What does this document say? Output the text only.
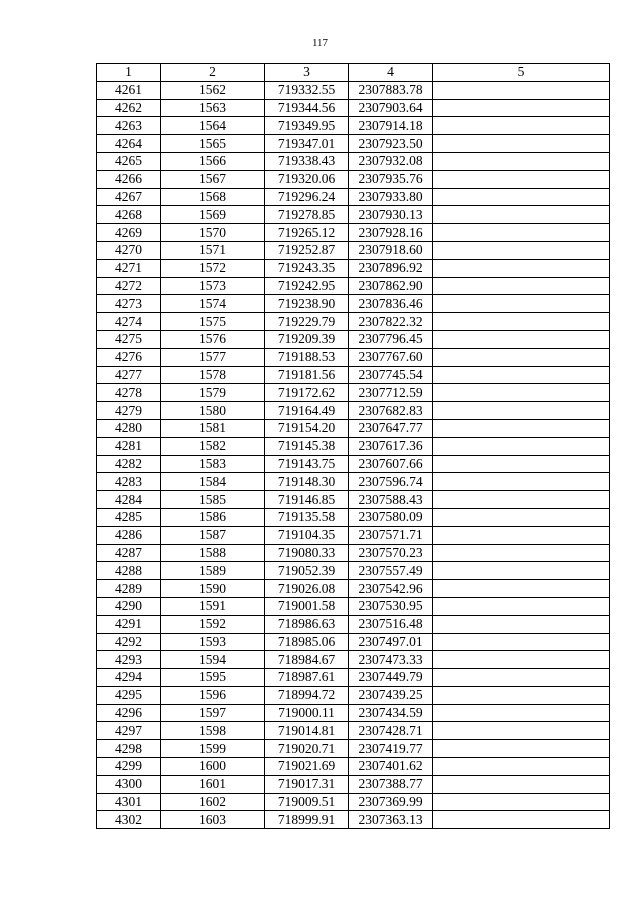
117
1	2	3	4	5
4261	1562	719332.55	2307883.78	
4262	1563	719344.56	2307903.64	
4263	1564	719349.95	2307914.18	
4264	1565	719347.01	2307923.50	
4265	1566	719338.43	2307932.08	
4266	1567	719320.06	2307935.76	
4267	1568	719296.24	2307933.80	
4268	1569	719278.85	2307930.13	
4269	1570	719265.12	2307928.16	
4270	1571	719252.87	2307918.60	
4271	1572	719243.35	2307896.92	
4272	1573	719242.95	2307862.90	
4273	1574	719238.90	2307836.46	
4274	1575	719229.79	2307822.32	
4275	1576	719209.39	2307796.45	
4276	1577	719188.53	2307767.60	
4277	1578	719181.56	2307745.54	
4278	1579	719172.62	2307712.59	
4279	1580	719164.49	2307682.83	
4280	1581	719154.20	2307647.77	
4281	1582	719145.38	2307617.36	
4282	1583	719143.75	2307607.66	
4283	1584	719148.30	2307596.74	
4284	1585	719146.85	2307588.43	
4285	1586	719135.58	2307580.09	
4286	1587	719104.35	2307571.71	
4287	1588	719080.33	2307570.23	
4288	1589	719052.39	2307557.49	
4289	1590	719026.08	2307542.96	
4290	1591	719001.58	2307530.95	
4291	1592	718986.63	2307516.48	
4292	1593	718985.06	2307497.01	
4293	1594	718984.67	2307473.33	
4294	1595	718987.61	2307449.79	
4295	1596	718994.72	2307439.25	
4296	1597	719000.11	2307434.59	
4297	1598	719014.81	2307428.71	
4298	1599	719020.71	2307419.77	
4299	1600	719021.69	2307401.62	
4300	1601	719017.31	2307388.77	
4301	1602	719009.51	2307369.99	
4302	1603	718999.91	2307363.13	
